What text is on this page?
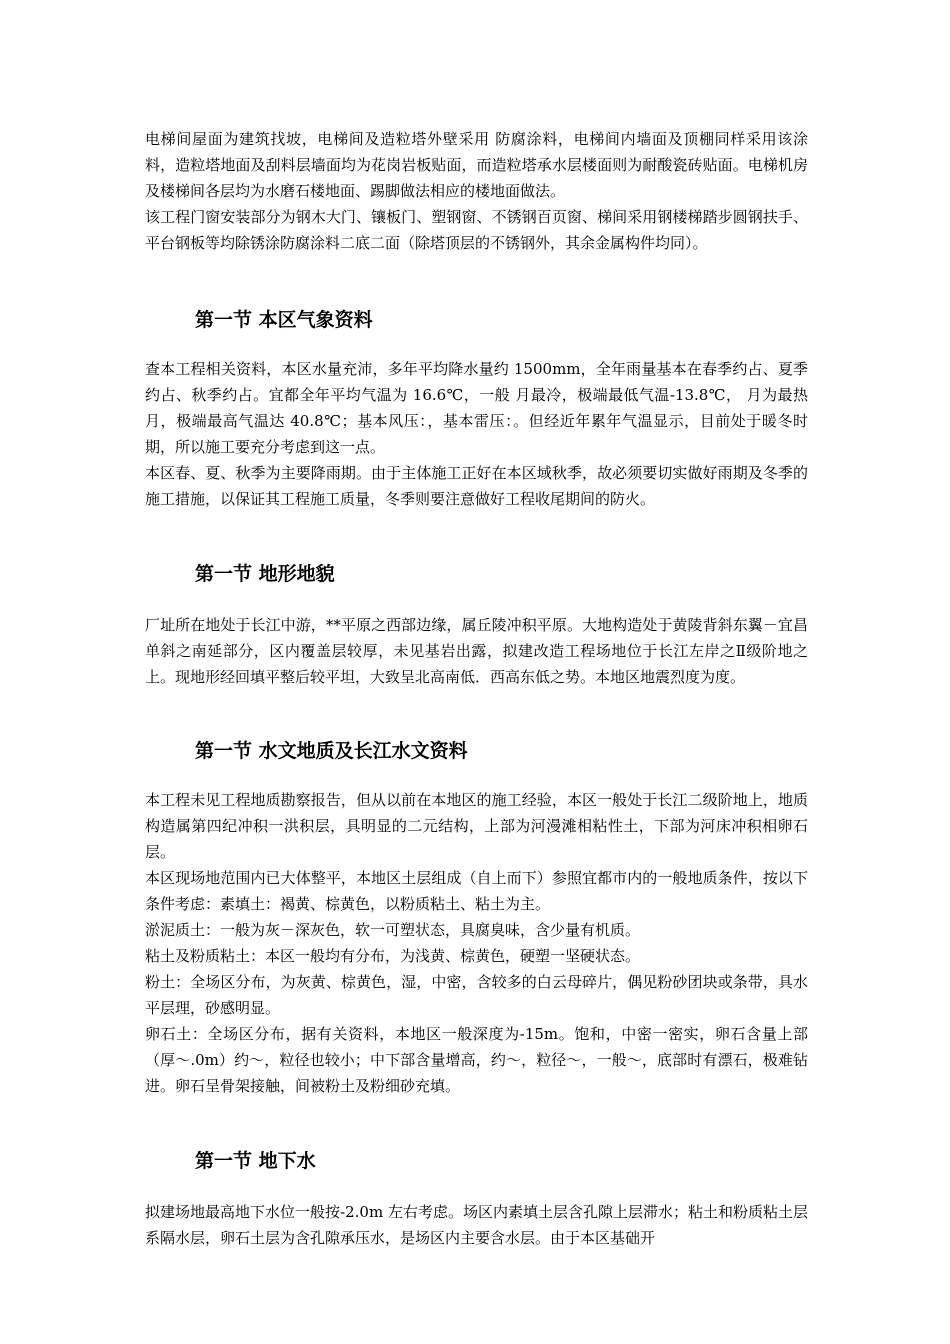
电梯间屋面为建筑找坡，电梯间及造粒塔外壁采用 防腐涂料，电梯间内墙面及顶棚同样采用该涂料，造粒塔地面及刮料层墙面均为花岗岩板贴面，而造粒塔承水层楼面则为耐酸瓷砖贴面。电梯机房及楼梯间各层均为水磨石楼地面、踢脚做法相应的楼地面做法。

该工程门窗安装部分为钢木大门、镶板门、塑钢窗、不锈钢百页窗、梯间采用钢楼梯踏步圆钢扶手、平台钢板等均除锈涂防腐涂料二底二面（除塔顶层的不锈钢外，其余金属构件均同）。

第一节 本区气象资料

查本工程相关资料，本区水量充沛，多年平均降水量约 1500mm，全年雨量基本在春季约占、夏季约占、秋季约占。宜都全年平均气温为 16.6℃，一般 月最冷，极端最低气温-13.8℃， 月为最热月，极端最高气温达 40.8℃；基本风压：，基本雷压：。但经近年累年气温显示，目前处于暖冬时期，所以施工要充分考虑到这一点。

本区春、夏、秋季为主要降雨期。由于主体施工正好在本区域秋季，故必须要切实做好雨期及冬季的施工措施，以保证其工程施工质量，冬季则要注意做好工程收尾期间的防火。

第一节 地形地貌

厂址所在地处于长江中游，**平原之西部边缘，属丘陵冲积平原。大地构造处于黄陵背斜东翼－宜昌单斜之南延部分，区内覆盖层较厚，未见基岩出露，拟建改造工程场地位于长江左岸之Ⅱ级阶地之上。现地形经回填平整后较平坦，大致呈北高南低．西高东低之势。本地区地震烈度为度。

第一节 水文地质及长江水文资料

本工程未见工程地质勘察报告，但从以前在本地区的施工经验，本区一般处于长江二级阶地上，地质构造属第四纪冲积一洪积层，具明显的二元结构，上部为河漫滩相粘性土，下部为河床冲积相卵石层。

本区现场地范围内已大体整平，本地区土层组成（自上而下）参照宜都市内的一般地质条件，按以下条件考虑：素填土：褐黄、棕黄色，以粉质粘土、粘土为主。

淤泥质土：一般为灰－深灰色，软一可塑状态，具腐臭味，含少量有机质。

粘土及粉质粘土：本区一般均有分布，为浅黄、棕黄色，硬塑一坚硬状态。

粉土：全场区分布，为灰黄、棕黄色，湿，中密，含较多的白云母碎片，偶见粉砂团块或条带，具水平层理，砂感明显。

卵石土：全场区分布，据有关资料，本地区一般深度为-15m。饱和，中密一密实，卵石含量上部（厚～.0m）约～，粒径也较小；中下部含量增高，约～，粒径～，一般～，底部时有漂石，极难钻进。卵石呈骨架接触，间被粉土及粉细砂充填。

第一节 地下水

拟建场地最高地下水位一般按-2.0m 左右考虑。场区内素填土层含孔隙上层滞水；粘土和粉质粘土层系隔水层，卵石土层为含孔隙承压水，是场区内主要含水层。由于本区基础开
